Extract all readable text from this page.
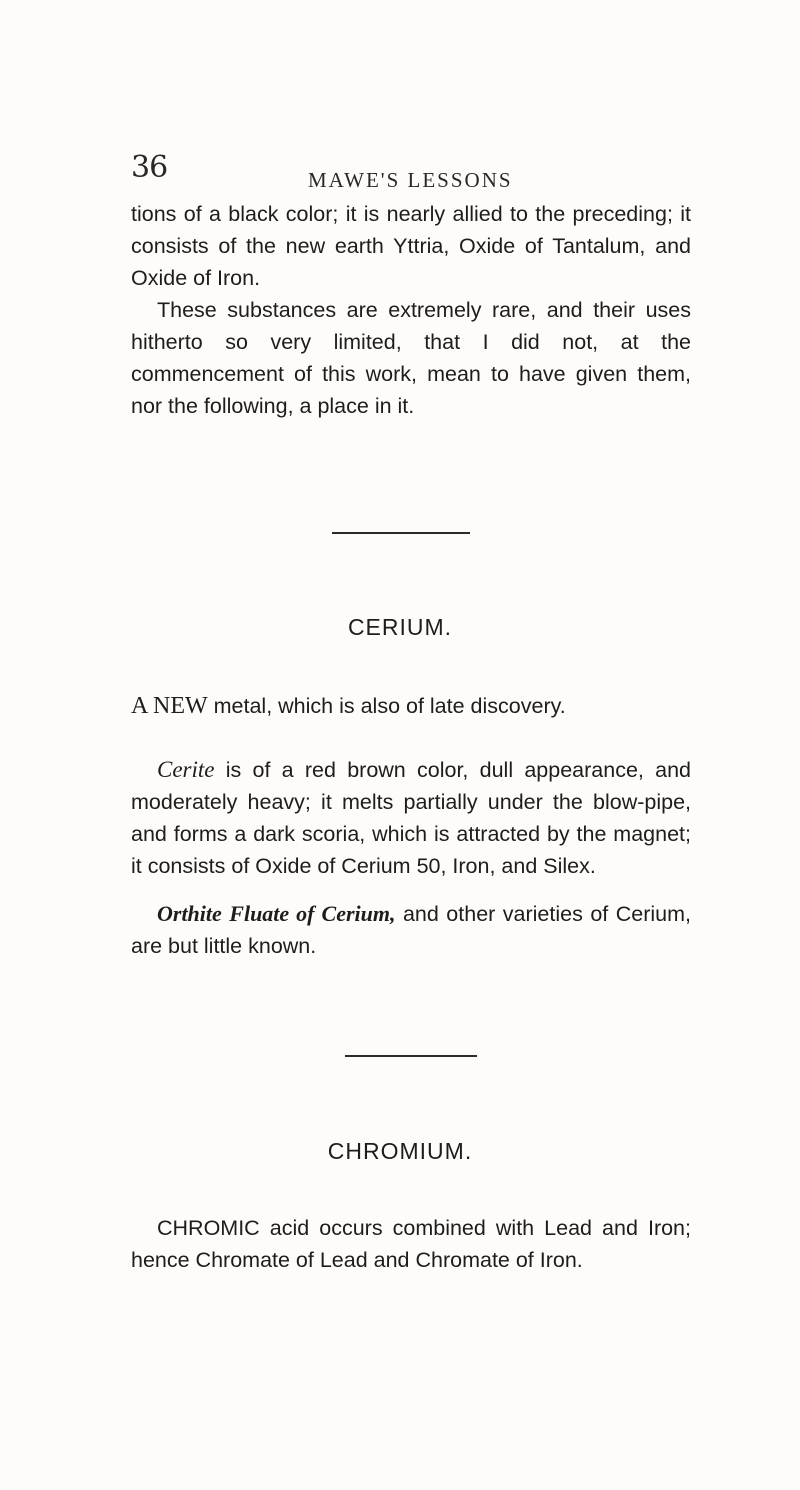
36	MAWE'S LESSONS

tions of a black color; it is nearly allied to the preceding; it consists of the new earth Yttria, Oxide of Tantalum, and Oxide of Iron.

These substances are extremely rare, and their uses hitherto so very limited, that I did not, at the commencement of this work, mean to have given them, nor the following, a place in it.

CERIUM.

A NEW metal, which is also of late discovery.

Cerite is of a red brown color, dull appearance, and moderately heavy; it melts partially under the blow-pipe, and forms a dark scoria, which is attracted by the magnet; it consists of Oxide of Cerium 50, Iron, and Silex.

Orthite Fluate of Cerium, and other varieties of Cerium, are but little known.

CHROMIUM.

CHROMIC acid occurs combined with Lead and Iron; hence Chromate of Lead and Chromate of Iron.
